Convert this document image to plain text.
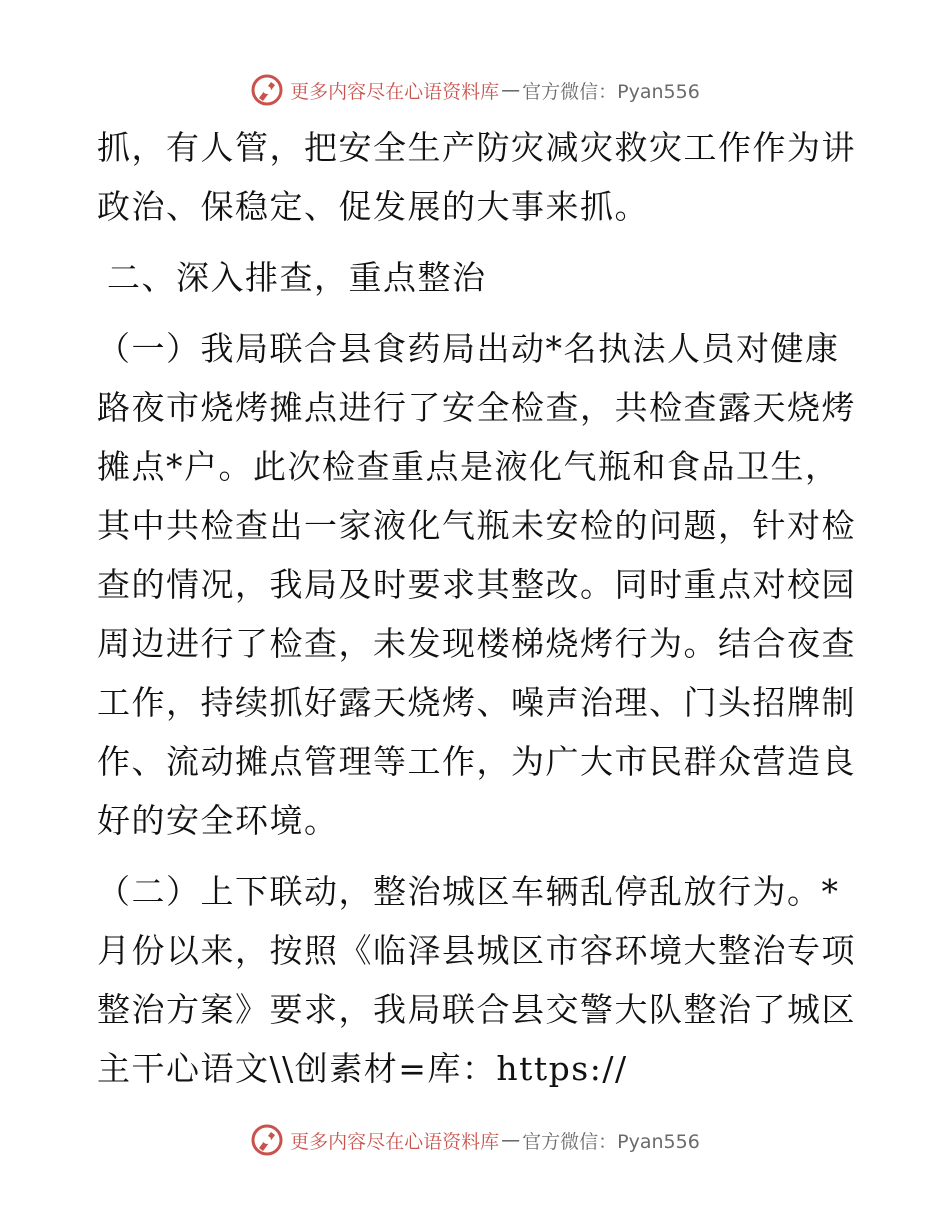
更多内容尽在心语资料库 — 官方微信：Pyan556
抓，有人管，把安全生产防灾减灾救灾工作作为讲
政治、保稳定、促发展的大事来抓。
二、深入排查，重点整治
（一）我局联合县食药局出动*名执法人员对健康
路夜市烧烤摊点进行了安全检查，共检查露天烧烤
摊点*户。此次检查重点是液化气瓶和食品卫生，
其中共检查出一家液化气瓶未安检的问题，针对检
查的情况，我局及时要求其整改。同时重点对校园
周边进行了检查，未发现楼梯烧烤行为。结合夜查
工作，持续抓好露天烧烤、噪声治理、门头招牌制
作、流动摊点管理等工作，为广大市民群众营造良
好的安全环境。
（二）上下联动，整治城区车辆乱停乱放行为。*
月份以来，按照《临泽县城区市容环境大整治专项
整治方案》要求，我局联合县交警大队整治了城区
主干心语文\\创素材=库：https://
更多内容尽在心语资料库 — 官方微信：Pyan556
